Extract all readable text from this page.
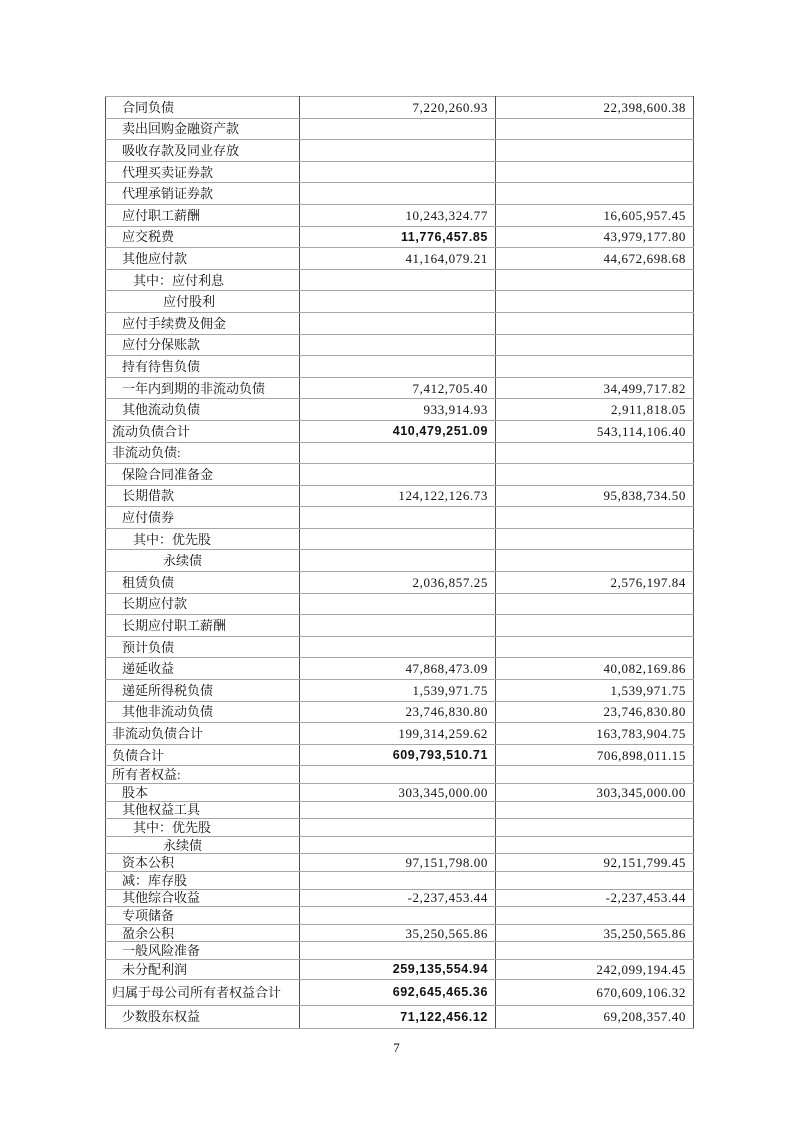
合同负债	7,220,260.93	22,398,600.38
卖出回购金融资产款		
吸收存款及同业存放		
代理买卖证券款		
代理承销证券款		
应付职工薪酬	10,243,324.77	16,605,957.45
应交税费	11,776,457.85	43,979,177.80
其他应付款	41,164,079.21	44,672,698.68
其中：应付利息		
应付股利		
应付手续费及佣金		
应付分保账款		
持有待售负债		
一年内到期的非流动负债	7,412,705.40	34,499,717.82
其他流动负债	933,914.93	2,911,818.05
流动负债合计	410,479,251.09	543,114,106.40
非流动负债:		
保险合同准备金		
长期借款	124,122,126.73	95,838,734.50
应付债券		
其中：优先股		
永续债		
租赁负债	2,036,857.25	2,576,197.84
长期应付款		
长期应付职工薪酬		
预计负债		
递延收益	47,868,473.09	40,082,169.86
递延所得税负债	1,539,971.75	1,539,971.75
其他非流动负债	23,746,830.80	23,746,830.80
非流动负债合计	199,314,259.62	163,783,904.75
负债合计	609,793,510.71	706,898,011.15
所有者权益:		
股本	303,345,000.00	303,345,000.00
其他权益工具		
其中：优先股		
永续债		
资本公积	97,151,798.00	92,151,799.45
减：库存股		
其他综合收益	-2,237,453.44	-2,237,453.44
专项储备		
盈余公积	35,250,565.86	35,250,565.86
一般风险准备		
未分配利润	259,135,554.94	242,099,194.45
归属于母公司所有者权益合计	692,645,465.36	670,609,106.32
少数股东权益	71,122,456.12	69,208,357.40
7
